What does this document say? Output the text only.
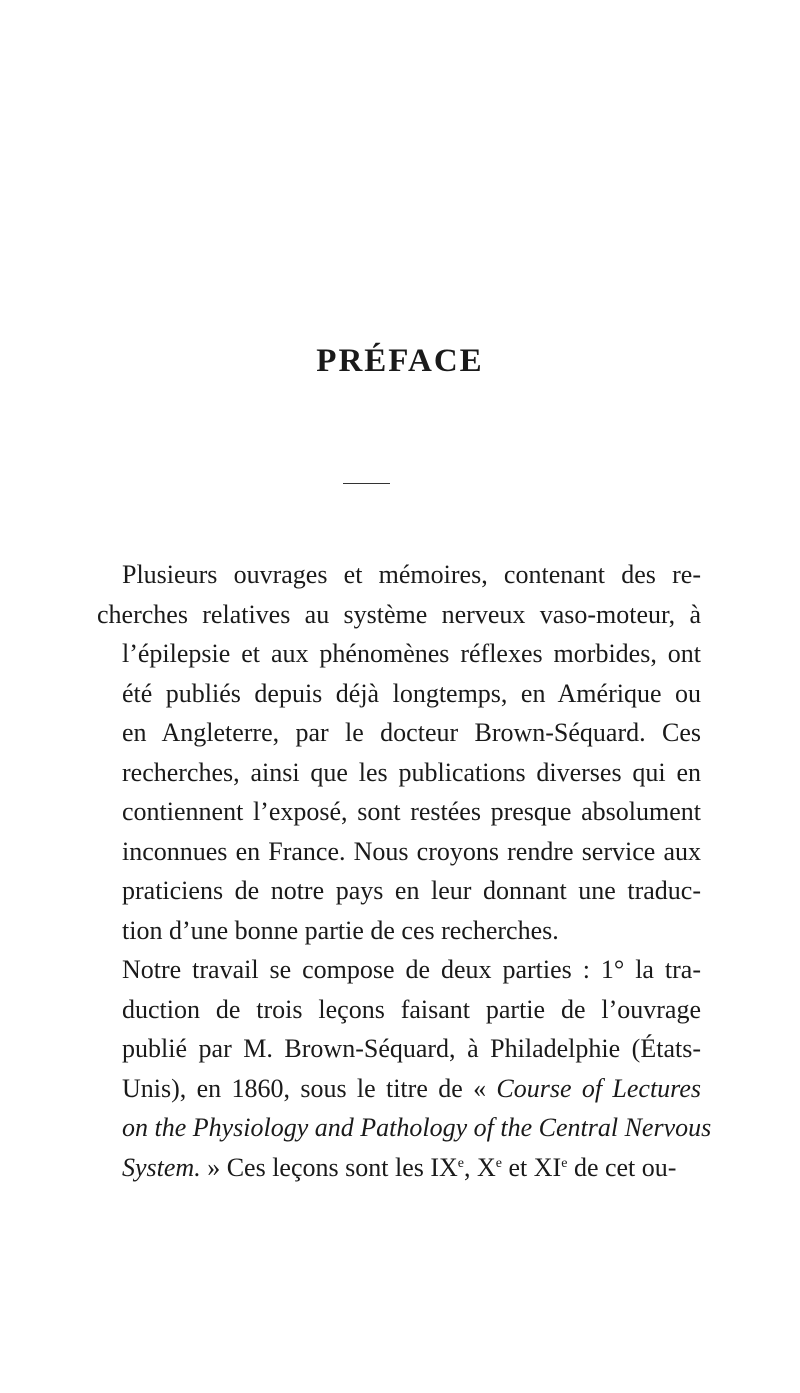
PRÉFACE

Plusieurs ouvrages et mémoires, contenant des re-
cherches relatives au système nerveux vaso-moteur, à
l’épilepsie et aux phénomènes réflexes morbides, ont
été publiés depuis déjà longtemps, en Amérique ou
en Angleterre, par le docteur Brown-Séquard. Ces
recherches, ainsi que les publications diverses qui en
contiennent l’exposé, sont restées presque absolument
inconnues en France. Nous croyons rendre service aux
praticiens de notre pays en leur donnant une traduc-
tion d’une bonne partie de ces recherches.

Notre travail se compose de deux parties : 1° la tra-
duction de trois leçons faisant partie de l’ouvrage
publié par M. Brown-Séquard, à Philadelphie (États-
Unis), en 1860, sous le titre de « Course of Lectures
on the Physiology and Pathology of the Central Nervous
System. » Ces leçons sont les IXe, Xe et XIe de cet ou-
